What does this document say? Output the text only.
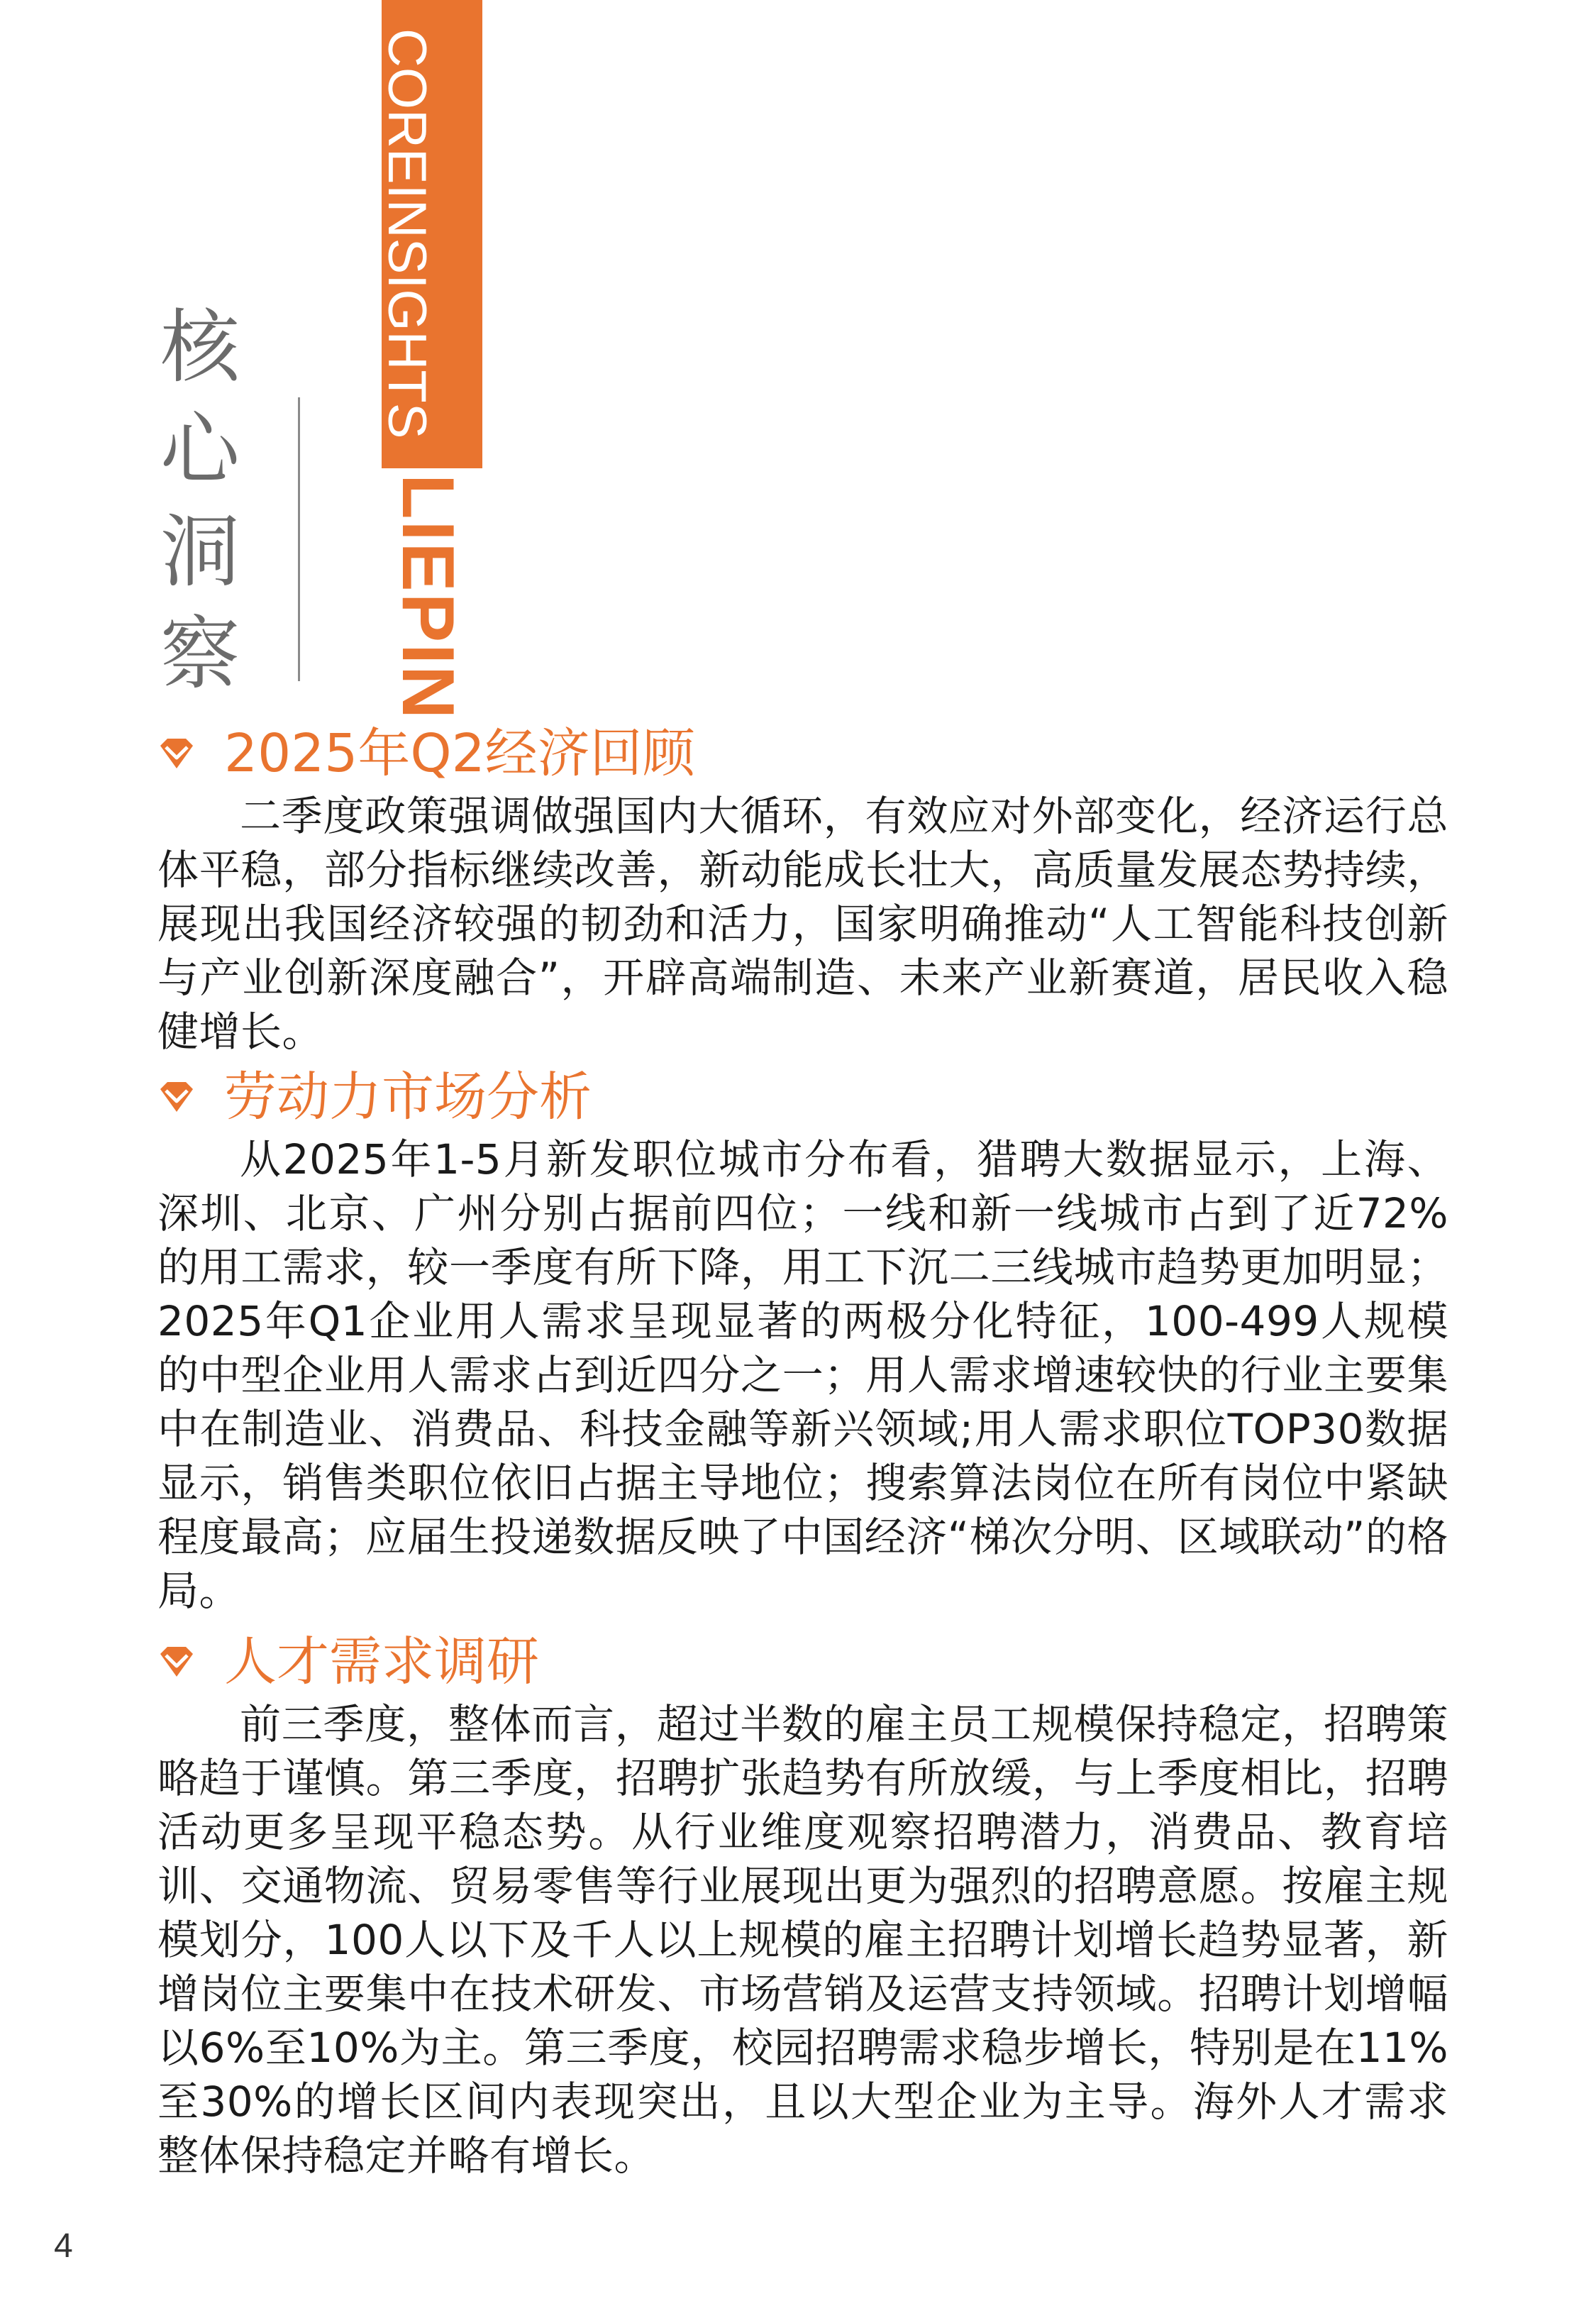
核
心
洞
察
COREINSIGHTS
LIEPIN
2025年Q2经济回顾

二季度政策强调做强国内大循环，有效应对外部变化，经济运行总体平稳，部分指标继续改善，新动能成长壮大，高质量发展态势持续，展现出我国经济较强的韧劲和活力，国家明确推动“人工智能科技创新与产业创新深度融合”，开辟高端制造、未来产业新赛道，居民收入稳健增长。

劳动力市场分析

从2025年1-5月新发职位城市分布看，猎聘大数据显示，上海、深圳、北京、广州分别占据前四位；一线和新一线城市占到了近72%的用工需求，较一季度有所下降，用工下沉二三线城市趋势更加明显；2025年Q1企业用人需求呈现显著的两极分化特征，100-499人规模的中型企业用人需求占到近四分之一；用人需求增速较快的行业主要集中在制造业、消费品、科技金融等新兴领域;用人需求职位TOP30数据显示，销售类职位依旧占据主导地位；搜索算法岗位在所有岗位中紧缺程度最高；应届生投递数据反映了中国经济“梯次分明、区域联动”的格局。

人才需求调研

前三季度，整体而言，超过半数的雇主员工规模保持稳定，招聘策略趋于谨慎。第三季度，招聘扩张趋势有所放缓，与上季度相比，招聘活动更多呈现平稳态势。从行业维度观察招聘潜力，消费品、教育培训、交通物流、贸易零售等行业展现出更为强烈的招聘意愿。按雇主规模划分，100人以下及千人以上规模的雇主招聘计划增长趋势显著，新增岗位主要集中在技术研发、市场营销及运营支持领域。招聘计划增幅以6%至10%为主。第三季度，校园招聘需求稳步增长，特别是在11%至30%的增长区间内表现突出，且以大型企业为主导。海外人才需求整体保持稳定并略有增长。

4
